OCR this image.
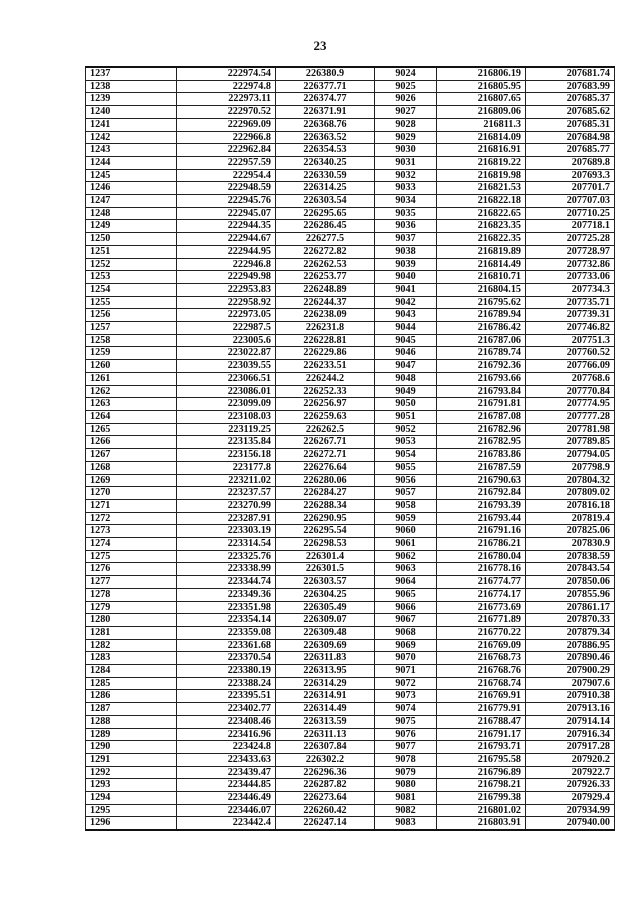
23
1237	222974.54	226380.9	9024	216806.19	207681.74
1238	222974.8	226377.71	9025	216805.95	207683.99
1239	222973.11	226374.77	9026	216807.65	207685.37
1240	222970.52	226371.91	9027	216809.06	207685.62
1241	222969.09	226368.76	9028	216811.3	207685.31
1242	222966.8	226363.52	9029	216814.09	207684.98
1243	222962.84	226354.53	9030	216816.91	207685.77
1244	222957.59	226340.25	9031	216819.22	207689.8
1245	222954.4	226330.59	9032	216819.98	207693.3
1246	222948.59	226314.25	9033	216821.53	207701.7
1247	222945.76	226303.54	9034	216822.18	207707.03
1248	222945.07	226295.65	9035	216822.65	207710.25
1249	222944.35	226286.45	9036	216823.35	207718.1
1250	222944.67	226277.5	9037	216822.35	207725.28
1251	222944.95	226272.82	9038	216819.89	207728.97
1252	222946.8	226262.53	9039	216814.49	207732.86
1253	222949.98	226253.77	9040	216810.71	207733.06
1254	222953.83	226248.89	9041	216804.15	207734.3
1255	222958.92	226244.37	9042	216795.62	207735.71
1256	222973.05	226238.09	9043	216789.94	207739.31
1257	222987.5	226231.8	9044	216786.42	207746.82
1258	223005.6	226228.81	9045	216787.06	207751.3
1259	223022.87	226229.86	9046	216789.74	207760.52
1260	223039.55	226233.51	9047	216792.36	207766.09
1261	223066.51	226244.2	9048	216793.66	207768.6
1262	223086.01	226252.33	9049	216793.84	207770.84
1263	223099.09	226256.97	9050	216791.81	207774.95
1264	223108.03	226259.63	9051	216787.08	207777.28
1265	223119.25	226262.5	9052	216782.96	207781.98
1266	223135.84	226267.71	9053	216782.95	207789.85
1267	223156.18	226272.71	9054	216783.86	207794.05
1268	223177.8	226276.64	9055	216787.59	207798.9
1269	223211.02	226280.06	9056	216790.63	207804.32
1270	223237.57	226284.27	9057	216792.84	207809.02
1271	223270.99	226288.34	9058	216793.39	207816.18
1272	223287.91	226290.95	9059	216793.44	207819.4
1273	223303.19	226295.54	9060	216791.16	207825.06
1274	223314.54	226298.53	9061	216786.21	207830.9
1275	223325.76	226301.4	9062	216780.04	207838.59
1276	223338.99	226301.5	9063	216778.16	207843.54
1277	223344.74	226303.57	9064	216774.77	207850.06
1278	223349.36	226304.25	9065	216774.17	207855.96
1279	223351.98	226305.49	9066	216773.69	207861.17
1280	223354.14	226309.07	9067	216771.89	207870.33
1281	223359.08	226309.48	9068	216770.22	207879.34
1282	223361.68	226309.69	9069	216769.09	207886.95
1283	223370.54	226311.83	9070	216768.73	207890.46
1284	223380.19	226313.95	9071	216768.76	207900.29
1285	223388.24	226314.29	9072	216768.74	207907.6
1286	223395.51	226314.91	9073	216769.91	207910.38
1287	223402.77	226314.49	9074	216779.91	207913.16
1288	223408.46	226313.59	9075	216788.47	207914.14
1289	223416.96	226311.13	9076	216791.17	207916.34
1290	223424.8	226307.84	9077	216793.71	207917.28
1291	223433.63	226302.2	9078	216795.58	207920.2
1292	223439.47	226296.36	9079	216796.89	207922.7
1293	223444.85	226287.82	9080	216798.21	207926.33
1294	223446.49	226273.64	9081	216799.38	207929.4
1295	223446.07	226260.42	9082	216801.02	207934.99
1296	223442.4	226247.14	9083	216803.91	207940.00
